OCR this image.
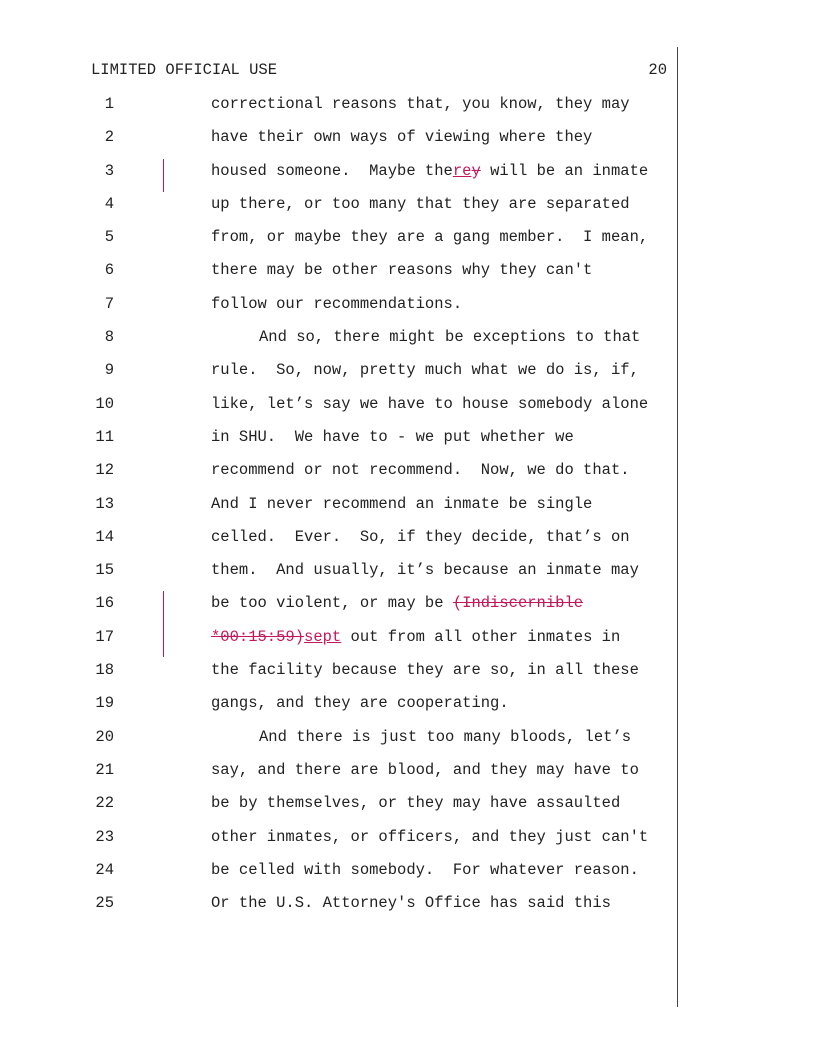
LIMITED OFFICIAL USE	20
1	correctional reasons that, you know, they may
2	have their own ways of viewing where they
3	housed someone.  Maybe therey will be an inmate
4	up there, or too many that they are separated
5	from, or maybe they are a gang member.  I mean,
6	there may be other reasons why they can't
7	follow our recommendations.
8	And so, there might be exceptions to that
9	rule.  So, now, pretty much what we do is, if,
10	like, let’s say we have to house somebody alone
11	in SHU.  We have to - we put whether we
12	recommend or not recommend.  Now, we do that.
13	And I never recommend an inmate be single
14	celled.  Ever.  So, if they decide, that’s on
15	them.  And usually, it’s because an inmate may
16	be too violent, or may be (Indiscernible
17	*00:15:59)sept out from all other inmates in
18	the facility because they are so, in all these
19	gangs, and they are cooperating.
20	And there is just too many bloods, let’s
21	say, and there are blood, and they may have to
22	be by themselves, or they may have assaulted
23	other inmates, or officers, and they just can't
24	be celled with somebody.  For whatever reason.
25	Or the U.S. Attorney's Office has said this
